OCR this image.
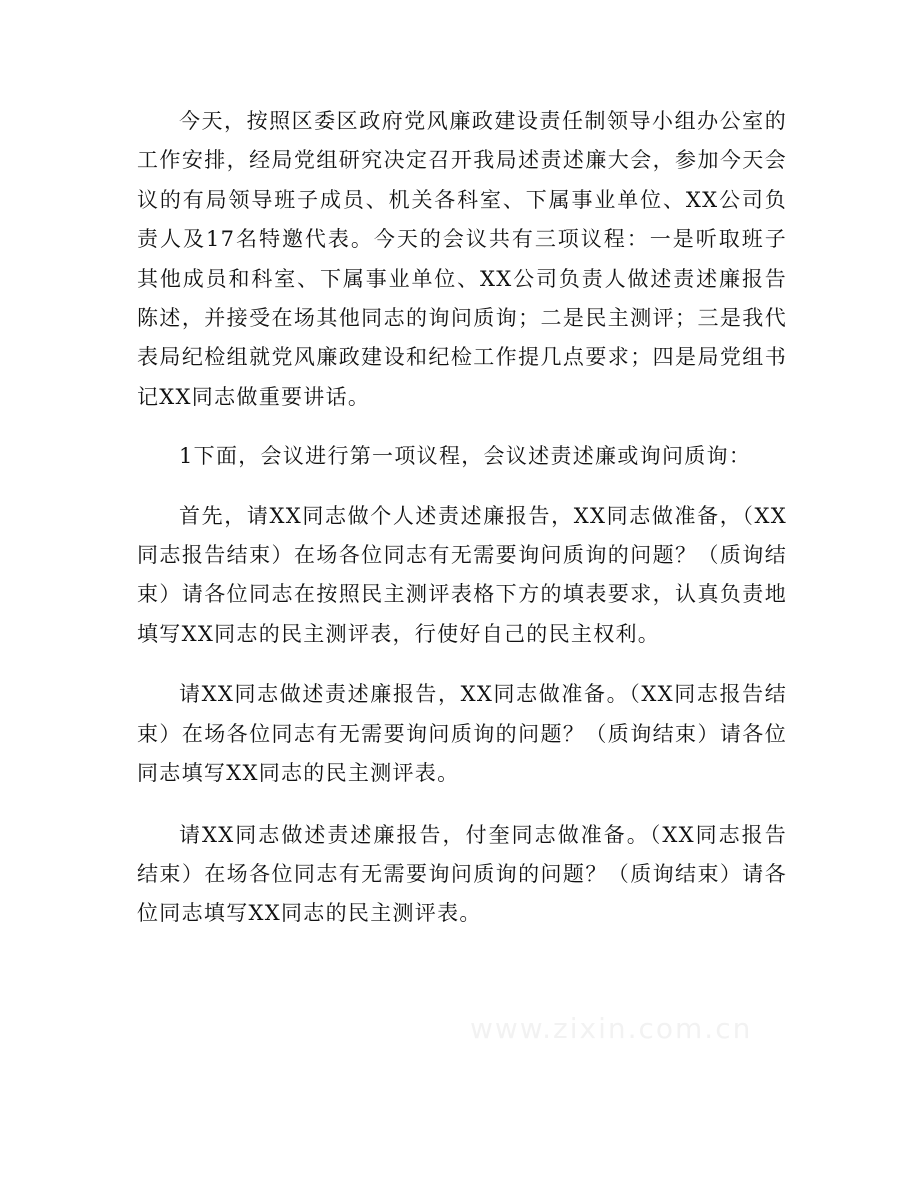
今天，按照区委区政府党风廉政建设责任制领导小组办公室的工作安排，经局党组研究决定召开我局述责述廉大会，参加今天会议的有局领导班子成员、机关各科室、下属事业单位、XX公司负责人及17名特邀代表。今天的会议共有三项议程：一是听取班子其他成员和科室、下属事业单位、XX公司负责人做述责述廉报告陈述，并接受在场其他同志的询问质询；二是民主测评；三是我代表局纪检组就党风廉政建设和纪检工作提几点要求；四是局党组书记XX同志做重要讲话。

1下面，会议进行第一项议程，会议述责述廉或询问质询：

首先，请XX同志做个人述责述廉报告，XX同志做准备，（XX同志报告结束）在场各位同志有无需要询问质询的问题？（质询结束）请各位同志在按照民主测评表格下方的填表要求，认真负责地填写XX同志的民主测评表，行使好自己的民主权利。

请XX同志做述责述廉报告，XX同志做准备。（XX同志报告结束）在场各位同志有无需要询问质询的问题？（质询结束）请各位同志填写XX同志的民主测评表。

请XX同志做述责述廉报告，付奎同志做准备。（XX同志报告结束）在场各位同志有无需要询问质询的问题？（质询结束）请各位同志填写XX同志的民主测评表。

www.zixin.com.cn
